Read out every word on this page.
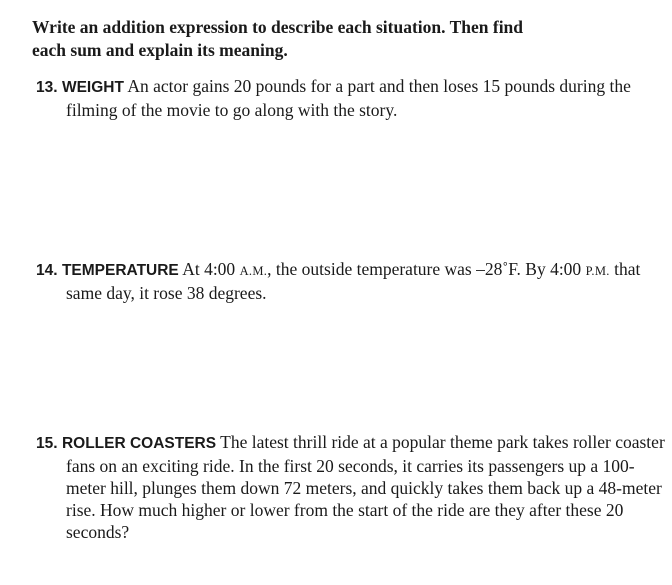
Write an addition expression to describe each situation. Then find
each sum and explain its meaning.
13. WEIGHT An actor gains 20 pounds for a part and then loses 15 pounds during the filming of the movie to go along with the story.
14. TEMPERATURE At 4:00 A.M., the outside temperature was –28˚F. By 4:00 P.M. that same day, it rose 38 degrees.
15. ROLLER COASTERS The latest thrill ride at a popular theme park takes roller coaster fans on an exciting ride. In the first 20 seconds, it carries its passengers up a 100-meter hill, plunges them down 72 meters, and quickly takes them back up a 48-meter rise. How much higher or lower from the start of the ride are they after these 20 seconds?
